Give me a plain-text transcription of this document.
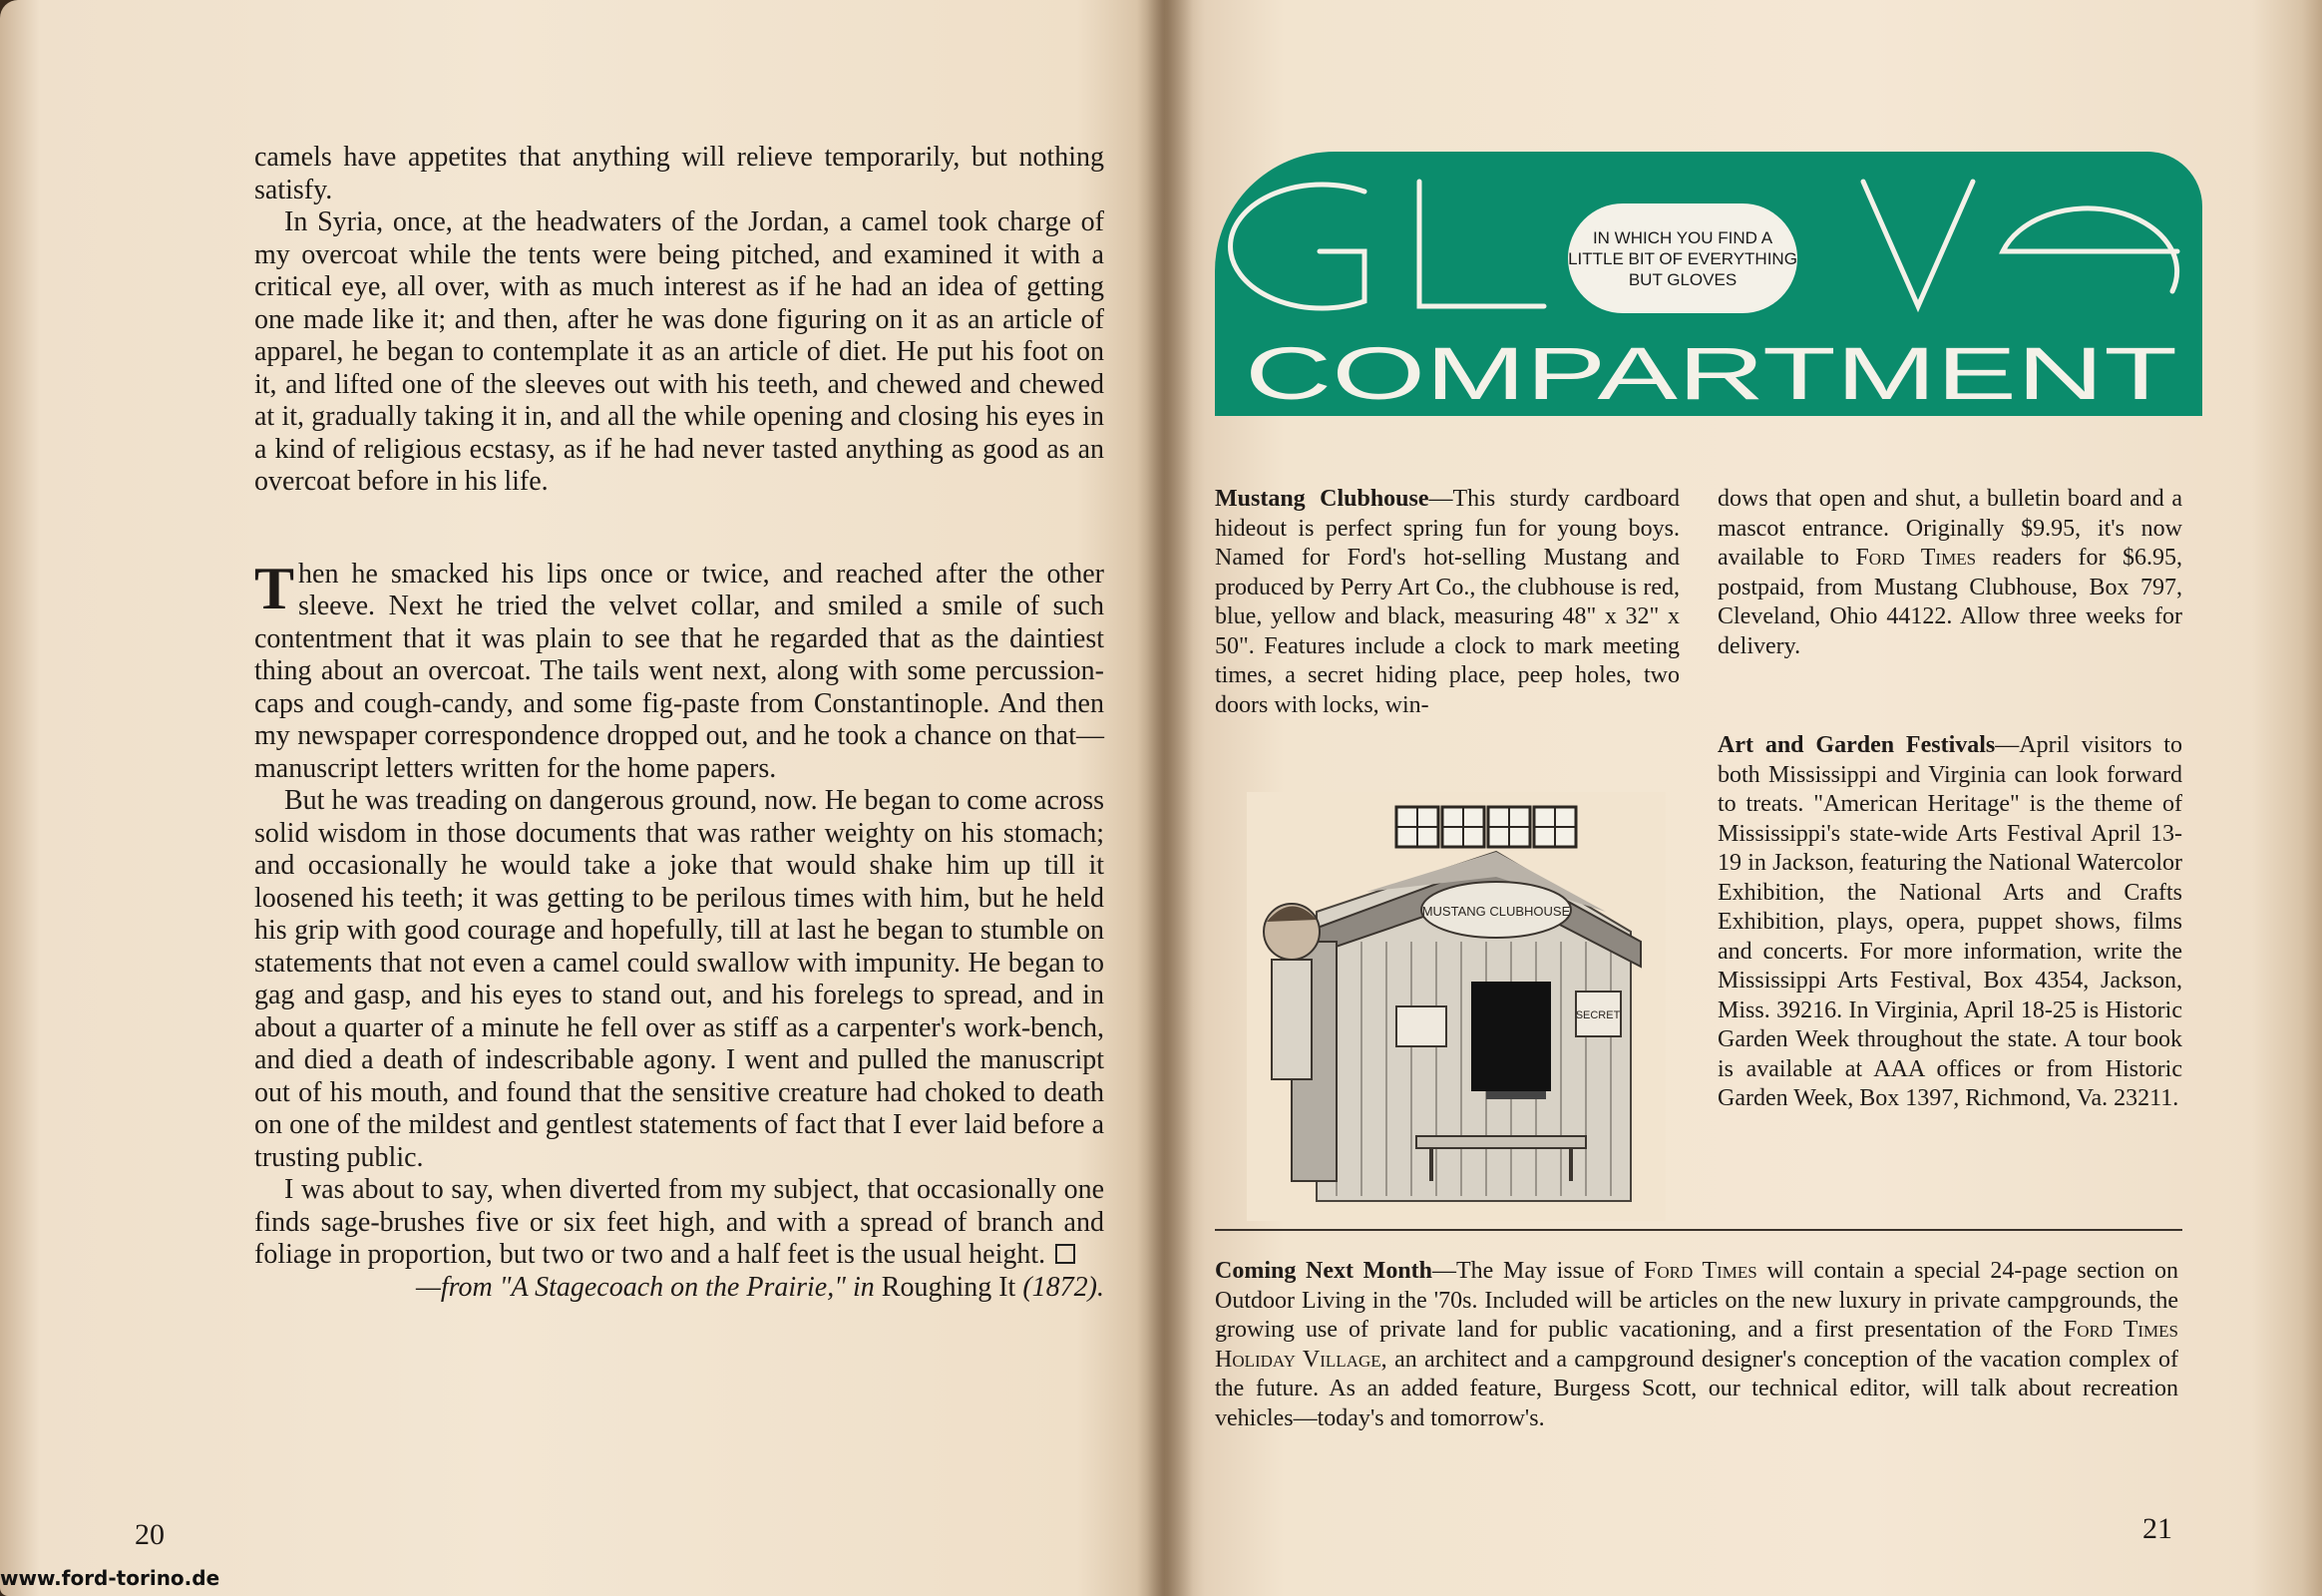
camels have appetites that anything will relieve temporarily, but nothing satisfy.

In Syria, once, at the headwaters of the Jordan, a camel took charge of my overcoat while the tents were being pitched, and examined it with a critical eye, all over, with as much interest as if he had an idea of getting one made like it; and then, after he was done figuring on it as an article of apparel, he began to contemplate it as an article of diet. He put his foot on it, and lifted one of the sleeves out with his teeth, and chewed and chewed at it, gradually taking it in, and all the while opening and closing his eyes in a kind of religious ecstasy, as if he had never tasted anything as good as an overcoat before in his life.

Then he smacked his lips once or twice, and reached after the other sleeve. Next he tried the velvet collar, and smiled a smile of such contentment that it was plain to see that he regarded that as the daintiest thing about an overcoat. The tails went next, along with some percussion-caps and cough-candy, and some fig-paste from Constantinople. And then my newspaper correspondence dropped out, and he took a chance on that—manuscript letters written for the home papers.

But he was treading on dangerous ground, now. He began to come across solid wisdom in those documents that was rather weighty on his stomach; and occasionally he would take a joke that would shake him up till it loosened his teeth; it was getting to be perilous times with him, but he held his grip with good courage and hopefully, till at last he began to stumble on statements that not even a camel could swallow with impunity. He began to gag and gasp, and his eyes to stand out, and his forelegs to spread, and in about a quarter of a minute he fell over as stiff as a carpenter's work-bench, and died a death of indescribable agony. I went and pulled the manuscript out of his mouth, and found that the sensitive creature had choked to death on one of the mildest and gentlest statements of fact that I ever laid before a trusting public.

I was about to say, when diverted from my subject, that occasionally one finds sage-brushes five or six feet high, and with a spread of branch and foliage in proportion, but two or two and a half feet is the usual height.

—from "A Stagecoach on the Prairie," in Roughing It (1872).

20
www.ford-torino.de
COMPARTMENT
IN WHICH YOU FIND A LITTLE BIT OF EVERYTHING BUT GLOVES

Mustang Clubhouse—This sturdy cardboard hideout is perfect spring fun for young boys. Named for Ford's hot-selling Mustang and produced by Perry Art Co., the clubhouse is red, blue, yellow and black, measuring 48" x 32" x 50". Features include a clock to mark meeting times, a secret hiding place, peep holes, two doors with locks, win-

dows that open and shut, a bulletin board and a mascot entrance. Originally $9.95, it's now available to Ford Times readers for $6.95, postpaid, from Mustang Clubhouse, Box 797, Cleveland, Ohio 44122. Allow three weeks for delivery.

Art and Garden Festivals—April visitors to both Mississippi and Virginia can look forward to treats. "American Heritage" is the theme of Mississippi's state-wide Arts Festival April 13-19 in Jackson, featuring the National Watercolor Exhibition, the National Arts and Crafts Exhibition, plays, opera, puppet shows, films and concerts. For more information, write the Mississippi Arts Festival, Box 4354, Jackson, Miss. 39216. In Virginia, April 18-25 is Historic Garden Week throughout the state. A tour book is available at AAA offices or from Historic Garden Week, Box 1397, Richmond, Va. 23211.

MUSTANG CLUBHOUSE
SECRET

Coming Next Month—The May issue of Ford Times will contain a special 24-page section on Outdoor Living in the '70s. Included will be articles on the new luxury in private campgrounds, the growing use of private land for public vacationing, and a first presentation of the Ford Times Holiday Village, an architect and a campground designer's conception of the vacation complex of the future. As an added feature, Burgess Scott, our technical editor, will talk about recreation vehicles—today's and tomorrow's.

21
